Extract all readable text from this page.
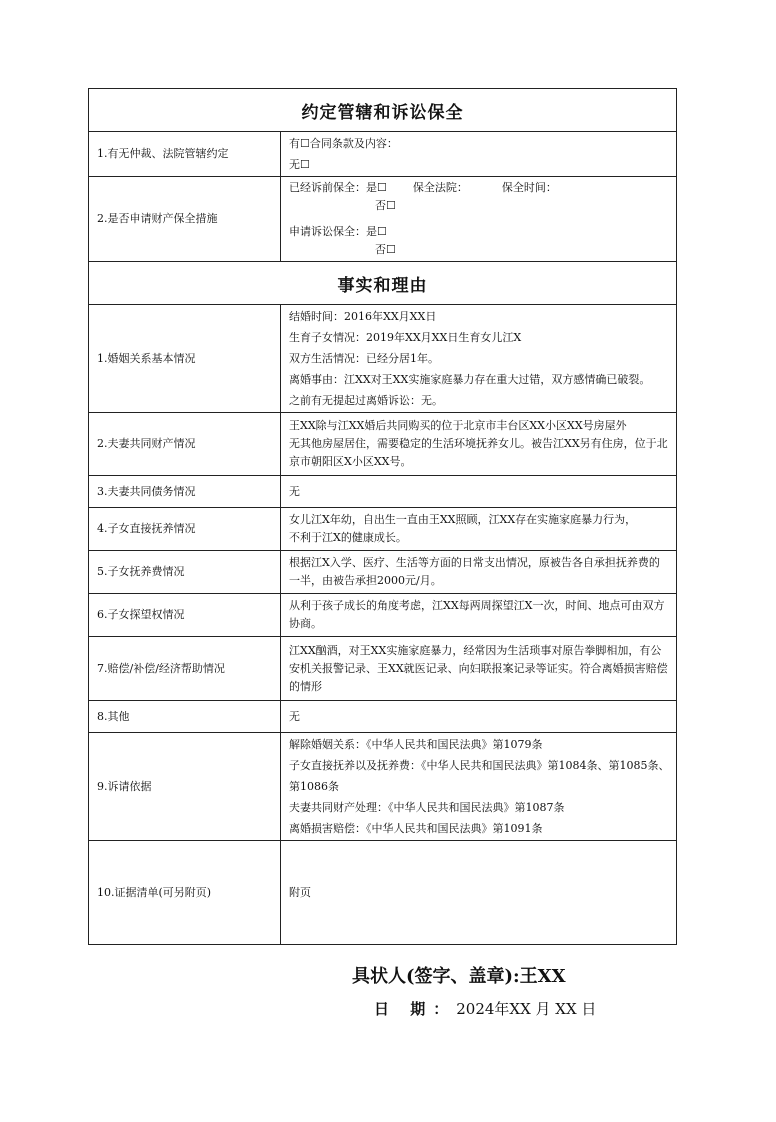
约定管辖和诉讼保全	
1.有无仲裁、法院管辖约定	有☐合同条款及内容：
无☐

2.是否申请财产保全措施	已经诉前保全：是☐ 保全法院： 保全时间：
否☐
申请诉讼保全：是☐
否☐

事实和理由	
1.婚姻关系基本情况	结婚时间：2016年XX月XX日
生育子女情况：2019年XX月XX日生育女儿江X
双方生活情况：已经分居1年。
离婚事由：江XX对王XX实施家庭暴力存在重大过错，双方感情确已破裂。
之前有无提起过离婚诉讼：无。

2.夫妻共同财产情况	王XX除与江XX婚后共同购买的位于北京市丰台区XX小区XX号房屋外
无其他房屋居住，需要稳定的生活环境抚养女儿。被告江XX另有住房，位于北京市朝阳区X小区XX号。

3.夫妻共同债务情况	无

4.子女直接抚养情况	女儿江X年幼，自出生一直由王XX照顾，江XX存在实施家庭暴力行为，
不利于江X的健康成长。

5.子女抚养费情况	根据江X入学、医疗、生活等方面的日常支出情况，原被告各自承担抚养费的一半，由被告承担2000元/月。

6.子女探望权情况	从利于孩子成长的角度考虑，江XX每两周探望江X一次，时间、地点可由双方协商。

7.赔偿/补偿/经济帮助情况	江XX酗酒，对王XX实施家庭暴力，经常因为生活琐事对原告拳脚相加，有公安机关报警记录、王XX就医记录、向妇联报案记录等证实。符合离婚损害赔偿的情形

8.其他	无

9.诉请依据	解除婚姻关系：《中华人民共和国民法典》第1079条
子女直接抚养以及抚养费：《中华人民共和国民法典》第1084条、第1085条、第1086条
夫妻共同财产处理：《中华人民共和国民法典》第1087条
离婚损害赔偿：《中华人民共和国民法典》第1091条

10.证据清单(可另附页)	附页
具状人(签字、盖章):王XX
日 期：2024年XX 月 XX 日
